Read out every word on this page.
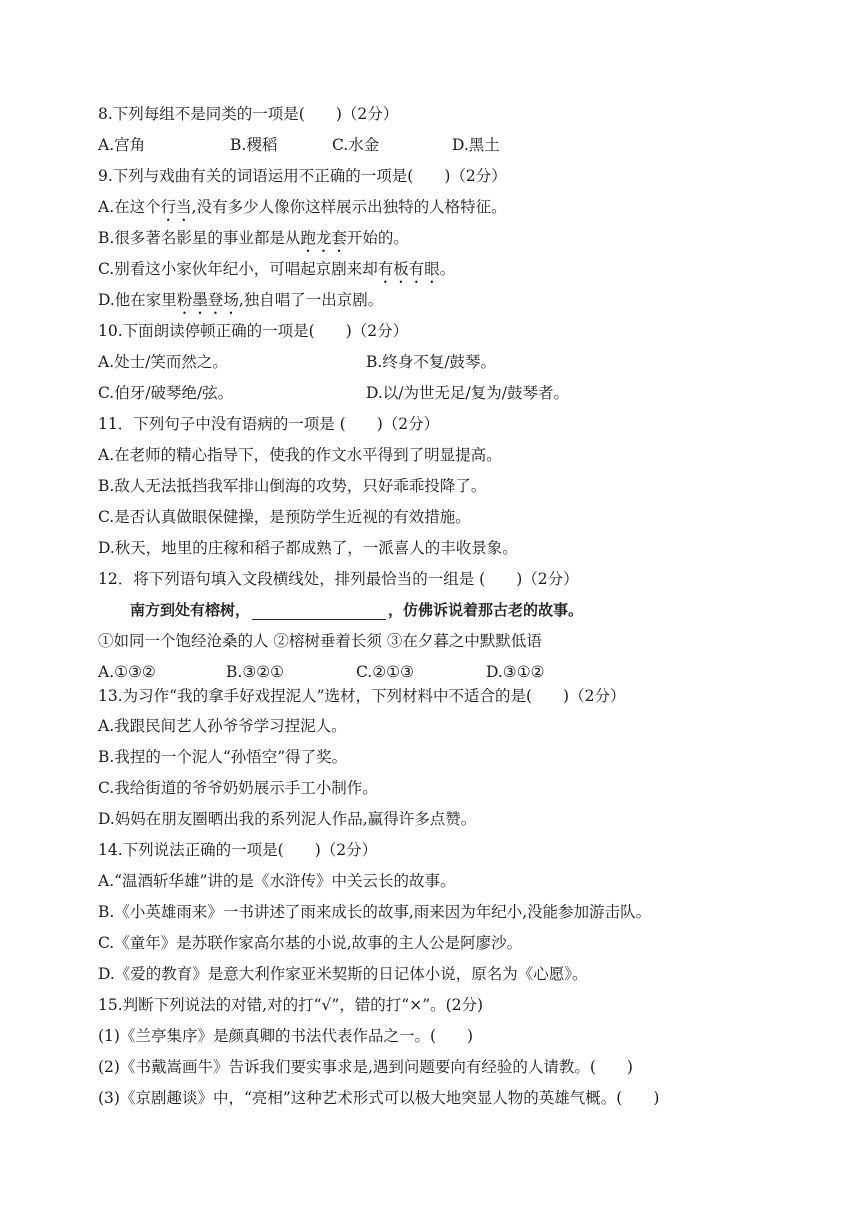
8.下列每组不是同类的一项是(　　)（2分）
A.宫角	B.稷稻	C.水金	D.黑土
9.下列与戏曲有关的词语运用不正确的一项是(　　)（2分）
A.在这个行当,没有多少人像你这样展示出独特的人格特征。
B.很多著名影星的事业都是从跑龙套开始的。
C.别看这小家伙年纪小，可唱起京剧来却有板有眼。
D.他在家里粉墨登场,独自唱了一出京剧。
10.下面朗读停顿正确的一项是(　　)（2分）
A.处士/笑而然之。	B.终身不复/鼓琴。
C.伯牙/破琴绝/弦。	D.以/为世无足/复为/鼓琴者。
11．下列句子中没有语病的一项是 (　　)（2分）
A.在老师的精心指导下，使我的作文水平得到了明显提高。
B.敌人无法抵挡我军排山倒海的攻势，只好乖乖投降了。
C.是否认真做眼保健操，是预防学生近视的有效措施。
D.秋天，地里的庄稼和稻子都成熟了，一派喜人的丰收景象。
12．将下列语句填入文段横线处，排列最恰当的一组是 (　　)（2分）
南方到处有榕树，	，仿佛诉说着那古老的故事。
①如同一个饱经沧桑的人 ②榕树垂着长须 ③在夕暮之中默默低语
A.①③②	B.③②①	C.②①③	D.③①②
13.为习作“我的拿手好戏捏泥人”选材，下列材料中不适合的是(　　)（2分）
A.我跟民间艺人孙爷爷学习捏泥人。
B.我捏的一个泥人“孙悟空”得了奖。
C.我给街道的爷爷奶奶展示手工小制作。
D.妈妈在朋友圈晒出我的系列泥人作品,赢得许多点赞。
14.下列说法正确的一项是(　　)（2分）
A.“温酒斩华雄”讲的是《水浒传》中关云长的故事。
B.《小英雄雨来》一书讲述了雨来成长的故事,雨来因为年纪小,没能参加游击队。
C.《童年》是苏联作家高尔基的小说,故事的主人公是阿廖沙。
D.《爱的教育》是意大利作家亚米契斯的日记体小说，原名为《心愿》。
15.判断下列说法的对错,对的打“√”，错的打“×”。(2分)
(1)《兰亭集序》是颜真卿的书法代表作品之一。(　　)
(2)《书戴嵩画牛》告诉我们要实事求是,遇到问题要向有经验的人请教。(　　)
(3)《京剧趣谈》中，“亮相”这种艺术形式可以极大地突显人物的英雄气概。(　　)
